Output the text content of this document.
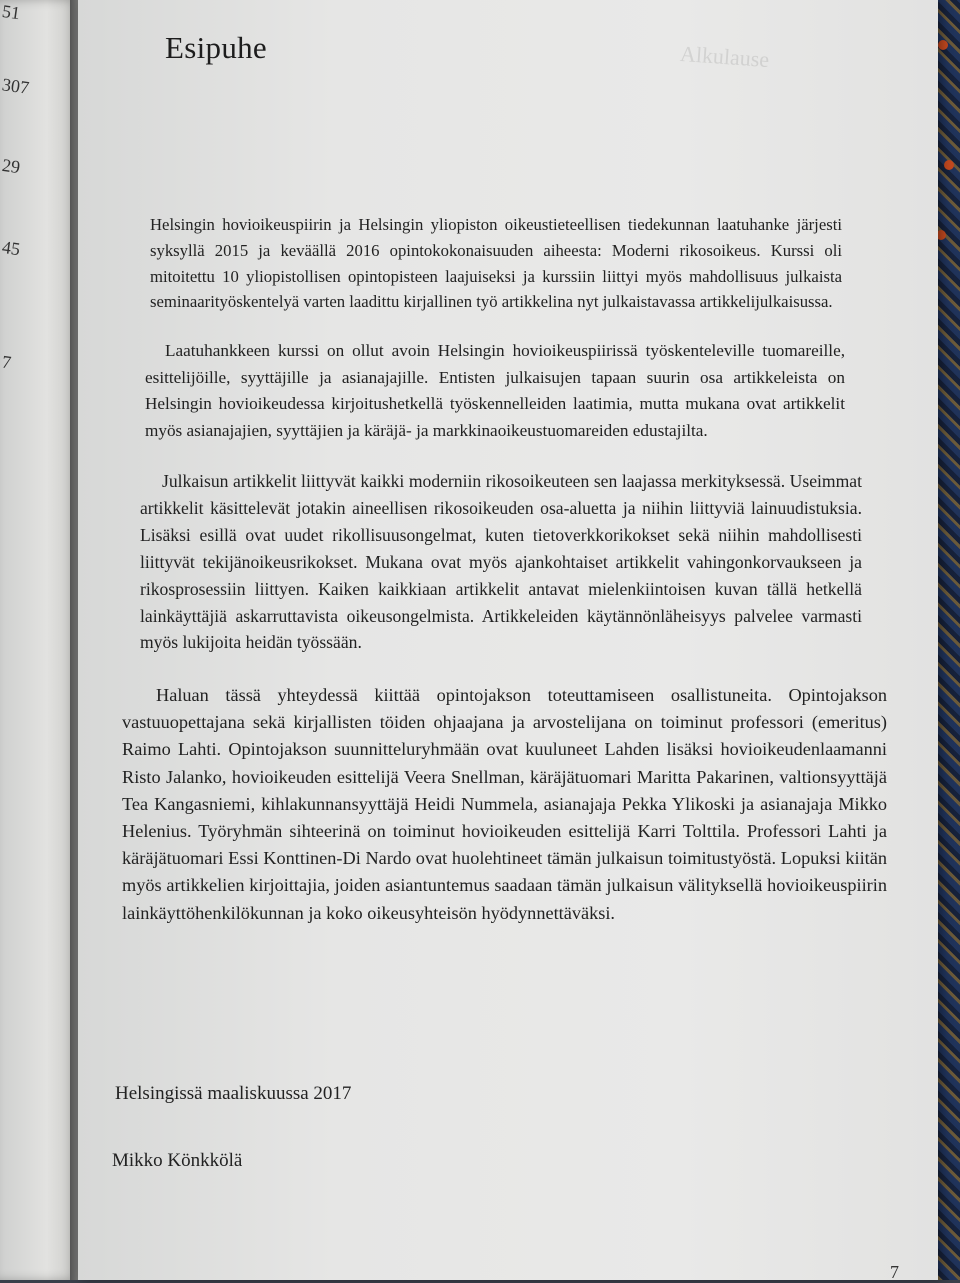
51
307
29
45
7
Alkulause
Esipuhe

Helsingin hovioikeuspiirin ja Helsingin yliopiston oikeustieteellisen tiedekunnan laatuhanke järjesti syksyllä 2015 ja keväällä 2016 opintokokonaisuuden aiheesta: Moderni rikosoikeus. Kurssi oli mitoitettu 10 yliopistollisen opintopisteen laajuiseksi ja kurssiin liittyi myös mahdollisuus julkaista seminaarityöskentelyä varten laadittu kirjallinen työ artikkelina nyt julkaistavassa artikkelijulkaisussa.

Laatuhankkeen kurssi on ollut avoin Helsingin hovioikeuspiirissä työskenteleville tuomareille, esittelijöille, syyttäjille ja asianajajille. Entisten julkaisujen tapaan suurin osa artikkeleista on Helsingin hovioikeudessa kirjoitushetkellä työskennelleiden laatimia, mutta mukana ovat artikkelit myös asianajajien, syyttäjien ja käräjä- ja markkinaoikeustuomareiden edustajilta.

Julkaisun artikkelit liittyvät kaikki moderniin rikosoikeuteen sen laajassa merkityksessä. Useimmat artikkelit käsittelevät jotakin aineellisen rikosoikeuden osa-aluetta ja niihin liittyviä lainuudistuksia. Lisäksi esillä ovat uudet rikollisuusongelmat, kuten tietoverkkorikokset sekä niihin mahdollisesti liittyvät tekijänoikeusrikokset. Mukana ovat myös ajankohtaiset artikkelit vahingonkorvaukseen ja rikosprosessiin liittyen. Kaiken kaikkiaan artikkelit antavat mielenkiintoisen kuvan tällä hetkellä lainkäyttäjiä askarruttavista oikeusongelmista. Artikkeleiden käytännönläheisyys palvelee varmasti myös lukijoita heidän työssään.

Haluan tässä yhteydessä kiittää opintojakson toteuttamiseen osallistuneita. Opintojakson vastuuopettajana sekä kirjallisten töiden ohjaajana ja arvostelijana on toiminut professori (emeritus) Raimo Lahti. Opintojakson suunnitteluryhmään ovat kuuluneet Lahden lisäksi hovioikeudenlaamanni Risto Jalanko, hovioikeuden esittelijä Veera Snellman, käräjätuomari Maritta Pakarinen, valtionsyyttäjä Tea Kangasniemi, kihlakunnansyyttäjä Heidi Nummela, asianajaja Pekka Ylikoski ja asianajaja Mikko Helenius. Työryhmän sihteerinä on toiminut hovioikeuden esittelijä Karri Tolttila. Professori Lahti ja käräjätuomari Essi Konttinen-Di Nardo ovat huolehtineet tämän julkaisun toimitustyöstä. Lopuksi kiitän myös artikkelien kirjoittajia, joiden asiantuntemus saadaan tämän julkaisun välityksellä hovioikeuspiirin lainkäyttöhenkilökunnan ja koko oikeusyhteisön hyödynnettäväksi.

Helsingissä maaliskuussa 2017
Mikko Könkkölä
7
